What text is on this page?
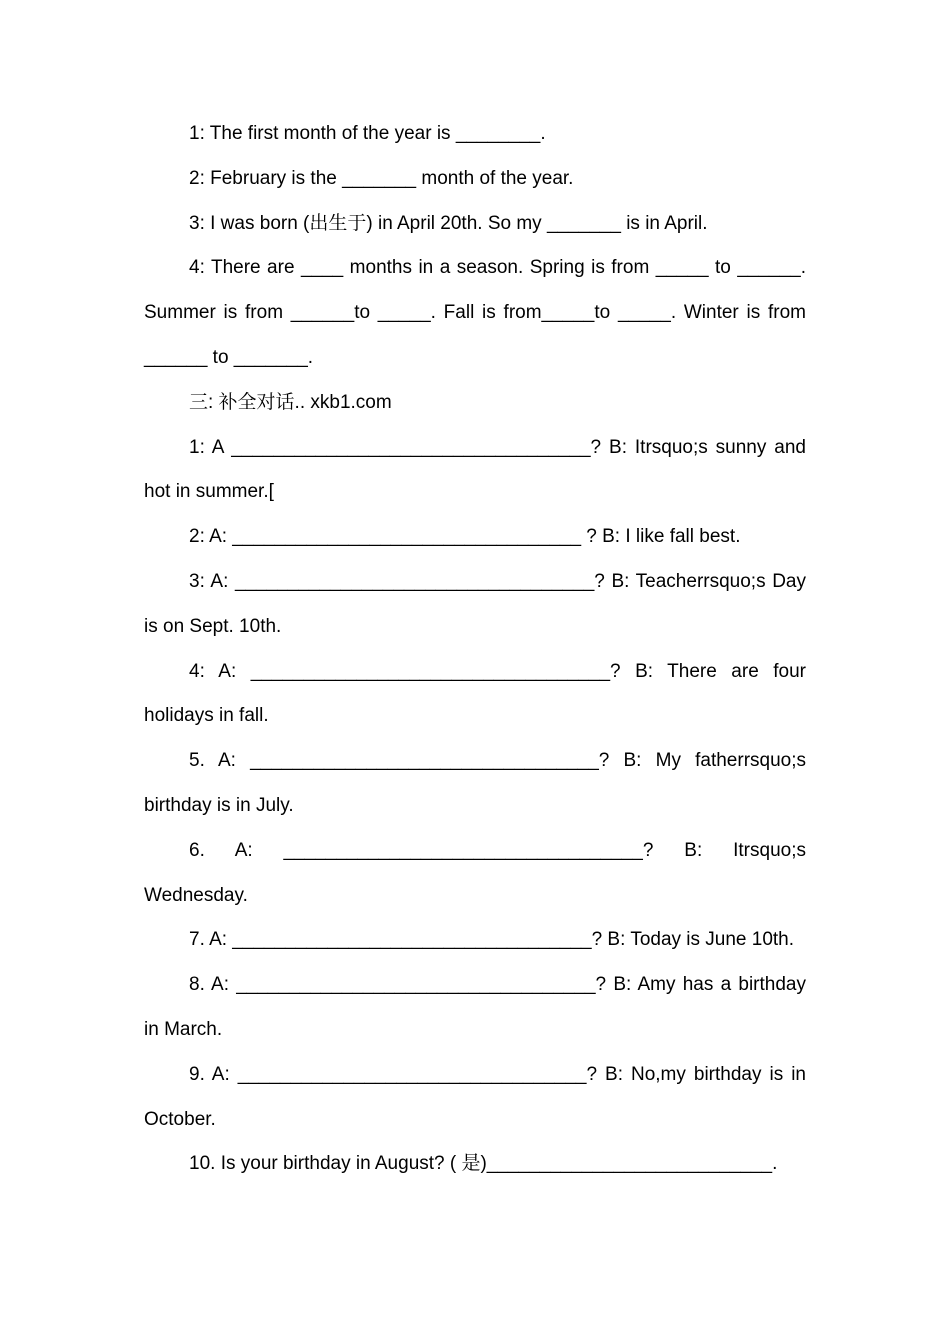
1: The first month of the year is ________.

2: February is the _______ month of the year.

3: I was born (出生于) in April 20th. So my _______ is in April.

4: There are ____ months in a season. Spring is from _____ to ______. Summer is from ______to _____. Fall is from_____to _____. Winter is from ______ to _______.

三: 补全对话.. xkb1.com

1: A __________________________________? B: Itrsquo;s sunny and hot in summer.[

2: A: _________________________________ ? B: I like fall best.

3: A: __________________________________? B: Teacherrsquo;s Day is on Sept. 10th.

4: A: __________________________________? B: There are four holidays in fall.

5. A: _________________________________? B: My fatherrsquo;s birthday is in July.

6. A: __________________________________? B: Itrsquo;s Wednesday.

7. A: __________________________________? B: Today is June 10th.

8. A: __________________________________? B: Amy has a birthday in March.

9. A: _________________________________? B: No,my birthday is in October.

10. Is your birthday in August? ( 是)___________________________.
